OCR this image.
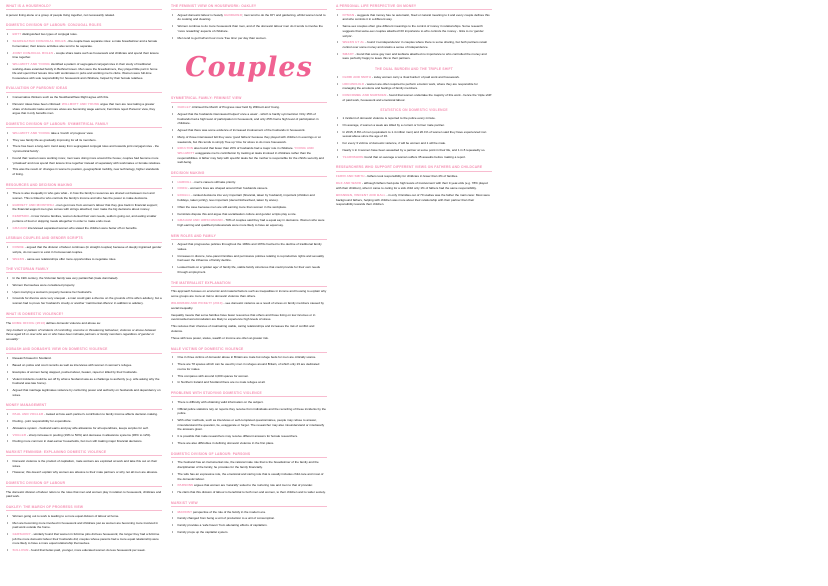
WHAT IS A HOUSEHOLD?

A person living alone or a group of people living together, not necessarily related.

DOMESTIC DIVISION OF LABOUR: CONJUGAL ROLES
• BOTT distinguished two types of conjugal roles.
• SEGREGATED CONJUGAL ROLES - the couple have separate roles: a male breadwinner and a female homemaker, their leisure activities also tend to be separate.
• JOINT CONJUGAL ROLES - couple share tasks such as housework and childcare and spend their leisure time together.
• WILLMOTT AND YOUNG identified a pattern of segregated conjugal roles in their study of traditional working-class extended family in Bethnal Green. Men were the breadwinners, they played little part in home life and spent their leisure time with workmates in pubs and working men's clubs. Women were full-time housewives with sole responsibility for housework and childcare, helped by their female relatives.
EVALUATION OF PARSONS' IDEAS
• Conservative thinkers such as the Neoliberal/New Right agree with this.
• Parsons' ideas have been criticised: WILLMOTT AND YOUNG argue that men are now taking a greater share of domestic tasks and more wives are becoming wage earners; Feminists reject Parsons' view, they argue that it only benefits men.
DOMESTIC DIVISION OF LABOUR: SYMMETRICAL FAMILY
• WILLMOTT AND YOUNG take a 'march of progress' view.
• They see family life as gradually improving for all its members.
• There has been a long-term trend away from segregated conjugal roles and towards joint conjugal roles - the 'symmetrical family'.
• Found that: women were working more; men were doing more around the house; couples had become more 'privatised' and now spend their leisure time together instead of separately with workmates or female relatives.
• This was the result of: changes in women's position, geographical mobility, new technology, higher standards of living.
RESOURCES AND DECISION MAKING
• There is also inequality in who gets what - in how the family's resources are shared out between men and women. This is linked to who controls the family's income and who has the power to make decisions.
• BARRETT AND MCINTOSH - men get more from women's labour that they give back in financial support; the financial support men give comes with strings attached; men make the big decisions about money.
• KEMPSON - in low income families, women denied their own needs, seldom going out, and eating smaller portions of food or skipping meals altogether in order to make ends meet.
• GRAHAM interviewed separated women who stated the children were better off on benefits.
LESBIAN COUPLES AND GENDER SCRIPTS
• DUNNE - argued that the division of labour continues (in straight couples) because of deeply ingrained gender scripts, do not seem to exist in homosexual couples.
• WEEKS - same-sex relationships offer more opportunities to negotiate roles.
THE VICTORIAN FAMILY
• In the 19th century, the Victorian family was very patriarchal (male dominated).
• Women themselves were considered property.
• Upon marrying a woman's property became her husband's.
• Grounds for divorce were very unequal - a man could gain a divorce on the grounds of his wife's adultery, but a woman had to prove her husband's cruelty or another 'matrimonial offence' in addition to adultery.
WHAT IS DOMESTIC VIOLENCE?

The HOME OFFICE (2013) defines domestic violence and abuse as:

'Any incident or pattern of incidents of controlling, coercive or threatening behaviour, violence or abuse between those aged 16 or over who are or who have been intimate partners or family members regardless of gender or sexuality.'

DOBASH AND DOBASH'S VIEW ON DOMESTIC VIOLENCE
• Research based in Scotland.
• Based on police and court records as well as interviews with women in women's refuges.
• Examples of women being slapped, pushed about, beaten, raped or killed by their husbands.
• Violent incidents could be set off by what a husband saw as a challenge to authority (e.g. wife asking why the husband was late home).
• Argued that marriage legitimates violence by conferring power and authority on husbands and dependency on wives.
MONEY MANAGEMENT
• PAHL AND VOGLER - looked at how each partner's contribution to family income affects decision-making.
• Pooling - joint responsibility for expenditure.
• Allowance system - husband earns and pay wife allowance for all expenditure, keeps surplus for self.
• VOGLER - sharp increase in pooling (19% to 50%) and decrease in allowance systems (36% to 12%).
• Pooling more common in dual earner households, but men still making major financial decisions.
MARXIST FEMINISM: EXPLAINING DOMESTIC VIOLENCE
• Domestic violence is the product of capitalism, male workers are exploited at work and take this out on their wives.
• However, this doesn't explain why women are abusive to their male partners or why not all men are abusive.
DOMESTIC DIVISION OF LABOUR

The domestic division of labour refers to the roles that men and women play in relation to housework, childcare and paid work.

OAKLEY: THE MARCH OF PROGRESS VIEW
• Women going out to work is leading to a more equal division of labour at home.
• Men are becoming more involved in housework and childcare just as women are becoming more involved in paid work outside the home.
• GERSHUNY - similarly found that women in full-time jobs did less housework; the longer they had a full-time job the more domestic labour their husbands did; couples whose parents had a more equal relationship were more likely to have a more equal relationship themselves.
• SULLIVAN - found that better-paid, younger, more educated women do less housework per week.
THE FEMINIST VIEW ON HOUSEWORK: OAKLEY
• Argued domestic labour is heavily GENDERED; men tend to do the DIY and gardening, whilst women tend to do cooking and cleaning.
• Women continue to do more housework than men, and of the domestic labour men do it tends to involve the 'more rewarding' aspects of childcare.
• Men tend to get half an hour more 'free time' per day than women.
Couples
SYMMETRICAL FAMILY: FEMINIST VIEW
• OAKLEY criticised the March of Progress view held by Willmott and Young.
• Argued that the husbands interviewed helped 'once a week' - which is hardly symmetrical. Only 15% of husbands had a high level of participation in housework, and only 25% had a high level of participation in childcare.
• Agreed that there was some evidence of increased involvement of the husbands in housework.
• Many of those interviewed felt they were 'good fathers' because they played with children in evenings or at weekends, but this tends to simply 'free up' time for wives to do more housework.
• BOULTON also found that fewer than 20% of husbands had a major role in childcare. YOUNG AND WILLMOTT exaggerate men's contribution by looking at tasks involved in childcare rather than the responsibilities. A father may help with specific tasks but the mother is responsible for the child's security and well-being.
DECISION MAKING
• HARDILL - men's careers still take priority.
• FINCH - women's lives are shaped around their husbands careers.
• EDGELL - ranked decisions into very important (financial, taken by husband), important (children and holidays, taken jointly), less important (decor/clothes/food, taken by wives).
• Often the case because men are still earning more than women in the workplace.
• Feminists dispute this and argue that socialisation culture and gender scripts play a role.
• GRAHAM AND HIRSCHMANN - 70% of couples said they had a equal say in decisions. Women who were high earning and qualified professionals were more likely to have an equal say.
NEW ROLES AND FAMILY
• Argued that progressive policies throughout the 1960s and 1970s had led to the decline of traditional family values.
• Increases in divorce, lone-parent families and permissive policies relating to reproductive rights and sexuality had seen the influence of family decline.
• Looked back on a 'golden age' of family life, stable family structures that could provide for their own needs through employment.
THE MATERIALIST EXPLANATION

This approach focuses on economic and material factors such as inequalities in income and housing to explain why some groups are more at risk to domestic violence than others.

WILKINSON AND PICKETT (2010) - see domestic violence as a result of stress on family members caused by social inequality.

Inequality means that some families have fewer resources that others and those living on low incomes or in overcrowded accommodation are likely to experience high levels of stress.

This reduces their chances of maintaining stable, caring relationships and increases the risk of conflict and violence.

Those with less power, status, wealth or income are often at greater risk.

MALE VICTIMS OF DOMESTIC VIOLENCE
• One in three victims of domestic abuse in Britain are male but refuge beds for men are critically scarce.
• There are 78 spaces which can be used by men in refuges around Britain, of which only 23 are dedicated rooms for males.
• This compares with around 4,000 spaces for women.
• In Northern Ireland and Scotland there are no male refuges at all.
PROBLEMS WITH STUDYING DOMESTIC VIOLENCE
• There is difficulty with obtaining valid information on the subject.
• Official police statistics rely on reports they receive from individuals and the recording of these incidents by the police.
• With other methods, such as interviews or self-completed questionnaires, people may refuse to answer, misunderstand the question, lie, exaggerate or forget. The researcher may also misunderstand or misclassify the answers given.
• It is possible that male researchers may receive different answers for female researchers.
• There are also difficulties in defining domestic violence in the first place.
DOMESTIC DIVISION OF LABOUR: PARSONS
• The husband has an instrumental role, the rational male role that is the breadwinner of the family and the disciplinarian of the family, he provides for the family financially.
• The wife has an expressive role, the emotional and caring role that is usually includes child care and most of the domestic labour.
• PARSONS argues that women are 'naturally' suited to the nurturing role and men to that of provider.
• He claim that this division of labour is beneficial to both men and women, to their children and to wider society.
MARXIST VIEW
• MARXIST perspective of the role of the family in the modern era.
• Family changed from being a unit of production to a unit of consumption.
• Family provides a 'safe haven' from alienating effects of capitalism.
• Family props up the capitalist system.
A PERSONAL LIFE PERSPECTIVE ON MONEY
• NYMAN - suggests that money has no automatic, fixed or natural meaning to it and every couple defines this and who controls it in a different way.
• Same-sex couples often give different meanings to the control of money in relationships. Some research suggests that same-sex couples attached NO importance to who controls the money - links to no 'gender scripts'.
• WEEKS ET AL - found 'co-independence' in couples where there is some sharing, but both partners retain control over some money and retains a sense of independence.
• SMART - found that some gay men and lesbians attached no importance to who controlled the money and were perfectly happy to leave this to their partners.
THE DUAL BURDEN AND THE TRIPLE SHIFT
• FERRI AND SMITH - today women carry a 'dual burden' of paid work and housework.
• HOCHSCHILD - women are often required to perform emotion work, where they are responsible for managing the emotions and feelings of family members.
• DUNCOMBE AND MARSDEN - found that women undertake the majority of this work - hence the 'triple shift' of paid work, housework and emotional labour.
STATISTICS ON DOMESTIC VIOLENCE
• 1 incident of domestic violence is reported to the police every minute.
• On average, 2 women a week are killed by a current or former male partner.
• In 2015, 8.8% of men (equivalent to 1.4 million men) and 20.1% of women said they have experienced non sexual abuse since the age of 16.
• For every 3 victims of domestic violence, 2 will be women and 1 will be male.
• Nearly 1 in 4 women have been assaulted by a partner at some point in their life, and 1 in 8 repeatedly so.
• YEARNSHIRE found that on average a woman suffers 35 assaults before making a report.
RESEARCHERS WHO SUPPORT DIFFERENT VIEWS ON FATHERS AND CHILDCARE

FERRI AND SMITH - fathers took responsibility for childcare in fewer than 4% of families.

DEX AND WARD - although fathers had quite high levels of involvement with their 3-year-olds (e.g. 78% played with their children), when it came to caring for a sick child only 1% of fathers had the same responsibility.

BRANNEN, VINCENT AND BALL - in only 3 families out of 70 studies was the father the main carer. Most were background fathers, helping with children was more about their relationship with their partner than their responsibility towards their children.
